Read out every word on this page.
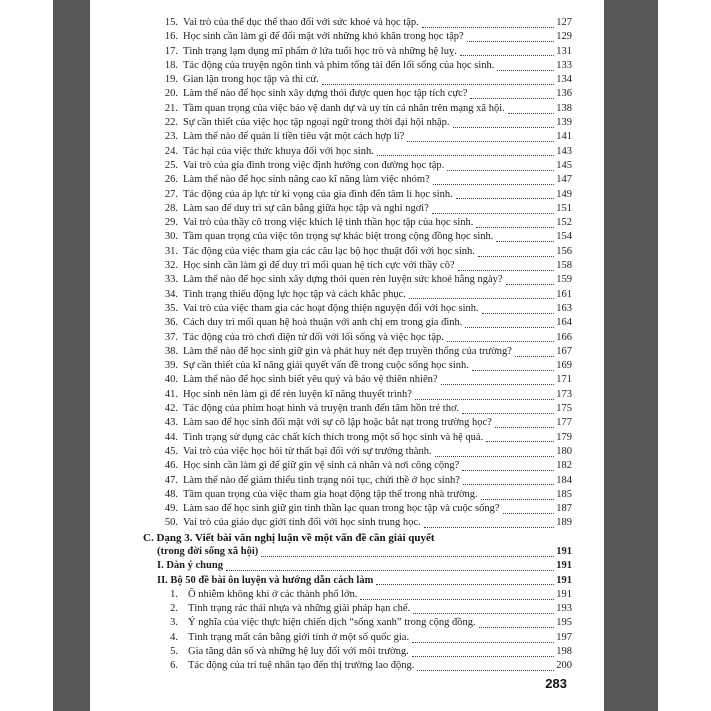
15. Vai trò của thể dục thể thao đối với sức khoẻ và học tập.	127
16. Học sinh cần làm gì để đối mặt với những khó khăn trong học tập?	129
17. Tình trạng lạm dụng mĩ phẩm ở lứa tuổi học trò và những hệ luỵ.	131
18. Tác động của truyện ngôn tình và phim tổng tài đến lối sống của học sinh.	133
19. Gian lận trong học tập và thi cử.	134
20. Làm thế nào để học sinh xây dựng thói được quen học tập tích cực?	136
21. Tầm quan trọng của việc bảo vệ danh dự và uy tín cá nhân trên mạng xã hội.	138
22. Sự cần thiết của việc học tập ngoại ngữ trong thời đại hội nhập.	139
23. Làm thế nào để quản lí tiền tiêu vặt một cách hợp lí?	141
24. Tác hại của việc thức khuya đối với học sinh.	143
25. Vai trò của gia đình trong việc định hướng con đường học tập.	145
26. Làm thế nào để học sinh nâng cao kĩ năng làm việc nhóm?	147
27. Tác động của áp lực từ kì vọng của gia đình đến tâm lí học sinh.	149
28. Làm sao để duy trì sự cân bằng giữa học tập và nghỉ ngơi?	151
29. Vai trò của thầy cô trong việc khích lệ tinh thần học tập của học sinh.	152
30. Tầm quan trọng của việc tôn trọng sự khác biệt trong cộng đồng học sinh.	154
31. Tác động của việc tham gia các câu lạc bộ học thuật đối với học sinh.	156
32. Học sinh cần làm gì để duy trì mối quan hệ tích cực với thầy cô?	158
33. Làm thế nào để học sinh xây dựng thói quen rèn luyện sức khoẻ hằng ngày?	159
34. Tình trạng thiếu động lực học tập và cách khắc phục.	161
35. Vai trò của việc tham gia các hoạt động thiện nguyện đối với học sinh.	163
36. Cách duy trì mối quan hệ hoà thuận với anh chị em trong gia đình.	164
37. Tác động của trò chơi điện tử đối với lối sống và việc học tập.	166
38. Làm thế nào để học sinh giữ gìn và phát huy nét đẹp truyền thống của trường?	167
39. Sự cần thiết của kĩ năng giải quyết vấn đề trong cuộc sống học sinh.	169
40. Làm thế nào để học sinh biết yêu quý và bảo vệ thiên nhiên?	171
41. Học sinh nên làm gì để rèn luyện kĩ năng thuyết trình?	173
42. Tác động của phim hoạt hình và truyện tranh đến tâm hồn trẻ thơ.	175
43. Làm sao để học sinh đối mặt với sự cô lập hoặc bắt nạt trong trường học?	177
44. Tình trạng sử dụng các chất kích thích trong một số học sinh và hệ quả.	179
45. Vai trò của việc học hỏi từ thất bại đối với sự trưởng thành.	180
46. Học sinh cần làm gì để giữ gìn vệ sinh cá nhân và nơi công cộng?	182
47. Làm thế nào để giảm thiểu tình trạng nói tục, chửi thề ở học sinh?	184
48. Tầm quan trọng của việc tham gia hoạt động tập thể trong nhà trường.	185
49. Làm sao để học sinh giữ gìn tinh thần lạc quan trong học tập và cuộc sống?	187
50. Vai trò của giáo dục giới tính đối với học sinh trung học.	189
C. Dạng 3. Viết bài văn nghị luận về một vấn đề cần giải quyết
(trong đời sống xã hội)	191
I. Dàn ý chung	191
II. Bộ 50 đề bài ôn luyện và hướng dẫn cách làm	191
1. Ô nhiễm không khí ở các thành phố lớn.	191
2. Tình trạng rác thải nhựa và những giải pháp hạn chế.	193
3. Ý nghĩa của việc thực hiện chiến dịch “sống xanh” trong cộng đồng.	195
4. Tình trạng mất cân bằng giới tính ở một số quốc gia.	197
5. Gia tăng dân số và những hệ luỵ đối với môi trường.	198
6. Tác động của trí tuệ nhân tạo đến thị trường lao động.	200
283
